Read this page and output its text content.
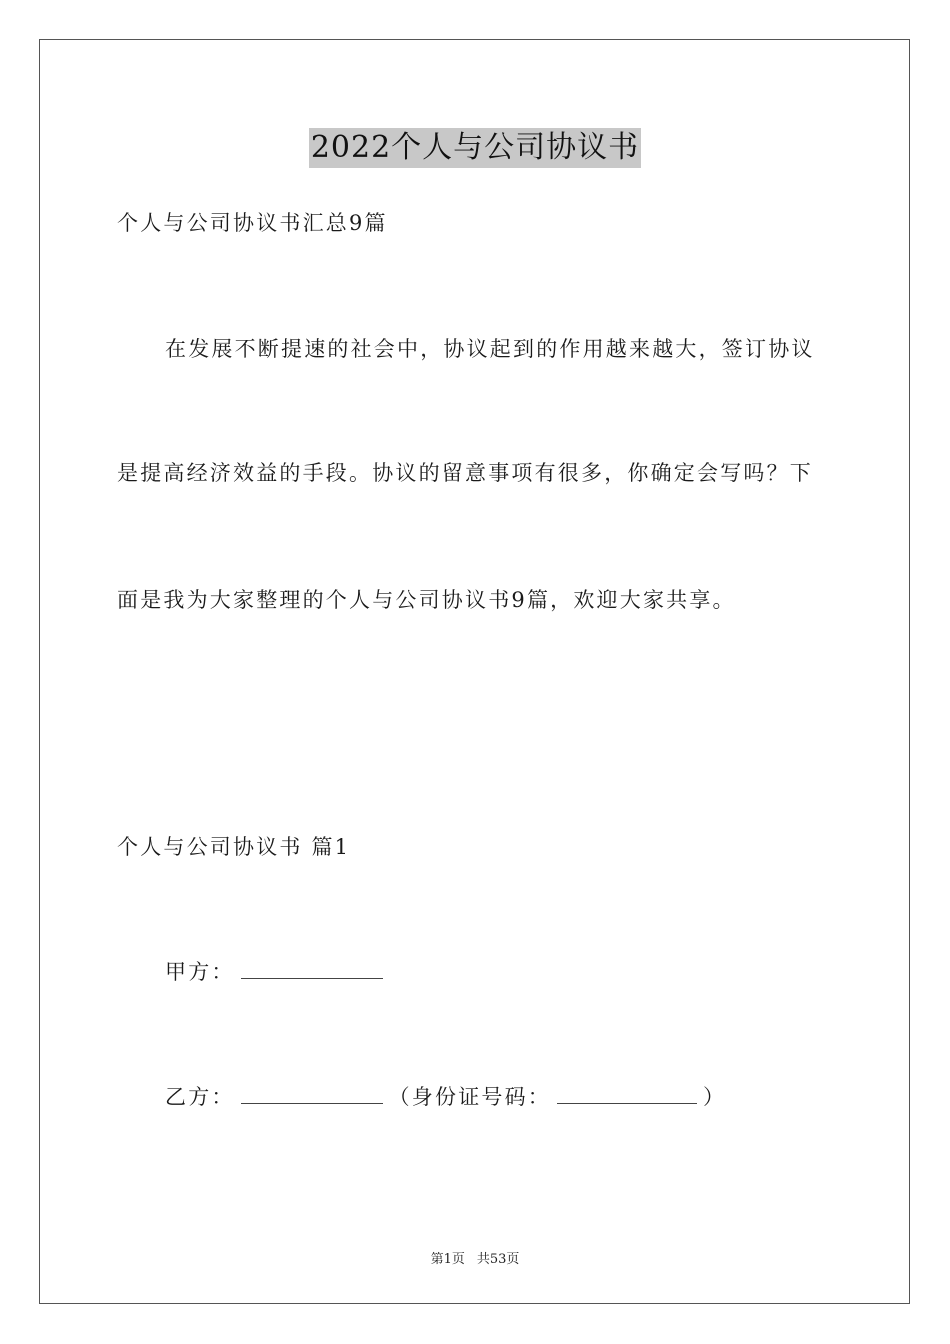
2022个人与公司协议书
个人与公司协议书汇总9篇
在发展不断提速的社会中，协议起到的作用越来越大，签订协议
是提高经济效益的手段。协议的留意事项有很多，你确定会写吗？下
面是我为大家整理的个人与公司协议书9篇，欢迎大家共享。
个人与公司协议书 篇1
甲方：
乙方：	（身份证号码：	）
第1页 共53页
